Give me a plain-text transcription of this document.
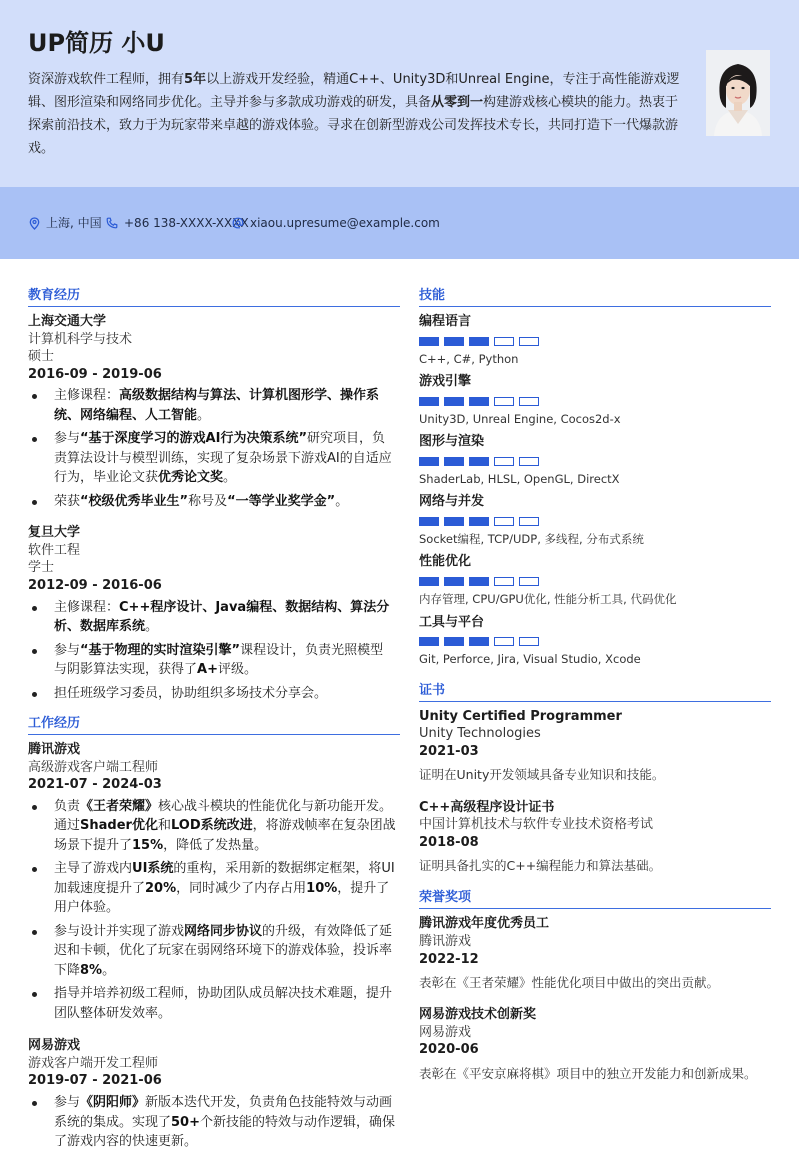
UP简历 小U
资深游戏软件工程师，拥有5年以上游戏开发经验，精通C++、Unity3D和Unreal Engine，专注于高性能游戏逻辑、图形渲染和网络同步优化。主导并参与多款成功游戏的研发，具备从零到一构建游戏核心模块的能力。热衷于探索前沿技术，致力于为玩家带来卓越的游戏体验。寻求在创新型游戏公司发挥技术专长，共同打造下一代爆款游戏。
上海, 中国 +86 138-XXXX-XXXX xiaou.upresume@example.com
教育经历
上海交通大学
计算机科学与技术
硕士
2016-09 - 2019-06
主修课程：高级数据结构与算法、计算机图形学、操作系统、网络编程、人工智能。
参与“基于深度学习的游戏AI行为决策系统”研究项目，负责算法设计与模型训练，实现了复杂场景下游戏AI的自适应行为，毕业论文获优秀论文奖。
荣获“校级优秀毕业生”称号及“一等学业奖学金”。
复旦大学
软件工程
学士
2012-09 - 2016-06
主修课程：C++程序设计、Java编程、数据结构、算法分析、数据库系统。
参与“基于物理的实时渲染引擎”课程设计，负责光照模型与阴影算法实现，获得了A+评级。
担任班级学习委员，协助组织多场技术分享会。
工作经历
腾讯游戏
高级游戏客户端工程师
2021-07 - 2024-03
负责《王者荣耀》核心战斗模块的性能优化与新功能开发。通过Shader优化和LOD系统改进，将游戏帧率在复杂团战场景下提升了15%，降低了发热量。
主导了游戏内UI系统的重构，采用新的数据绑定框架，将UI加载速度提升了20%，同时减少了内存占用10%，提升了用户体验。
参与设计并实现了游戏网络同步协议的升级，有效降低了延迟和卡顿，优化了玩家在弱网络环境下的游戏体验，投诉率下降8%。
指导并培养初级工程师，协助团队成员解决技术难题，提升团队整体研发效率。
网易游戏
游戏客户端开发工程师
2019-07 - 2021-06
参与《阴阳师》新版本迭代开发，负责角色技能特效与动画系统的集成。实现了50+个新技能的特效与动作逻辑，确保了游戏内容的快速更新。
技能
编程语言
C++, C#, Python
游戏引擎
Unity3D, Unreal Engine, Cocos2d-x
图形与渲染
ShaderLab, HLSL, OpenGL, DirectX
网络与并发
Socket编程, TCP/UDP, 多线程, 分布式系统
性能优化
内存管理, CPU/GPU优化, 性能分析工具, 代码优化
工具与平台
Git, Perforce, Jira, Visual Studio, Xcode
证书
Unity Certified Programmer
Unity Technologies
2021-03
证明在Unity开发领域具备专业知识和技能。
C++高级程序设计证书
中国计算机技术与软件专业技术资格考试
2018-08
证明具备扎实的C++编程能力和算法基础。
荣誉奖项
腾讯游戏年度优秀员工
腾讯游戏
2022-12
表彰在《王者荣耀》性能优化项目中做出的突出贡献。
网易游戏技术创新奖
网易游戏
2020-06
表彰在《平安京麻将棋》项目中的独立开发能力和创新成果。
